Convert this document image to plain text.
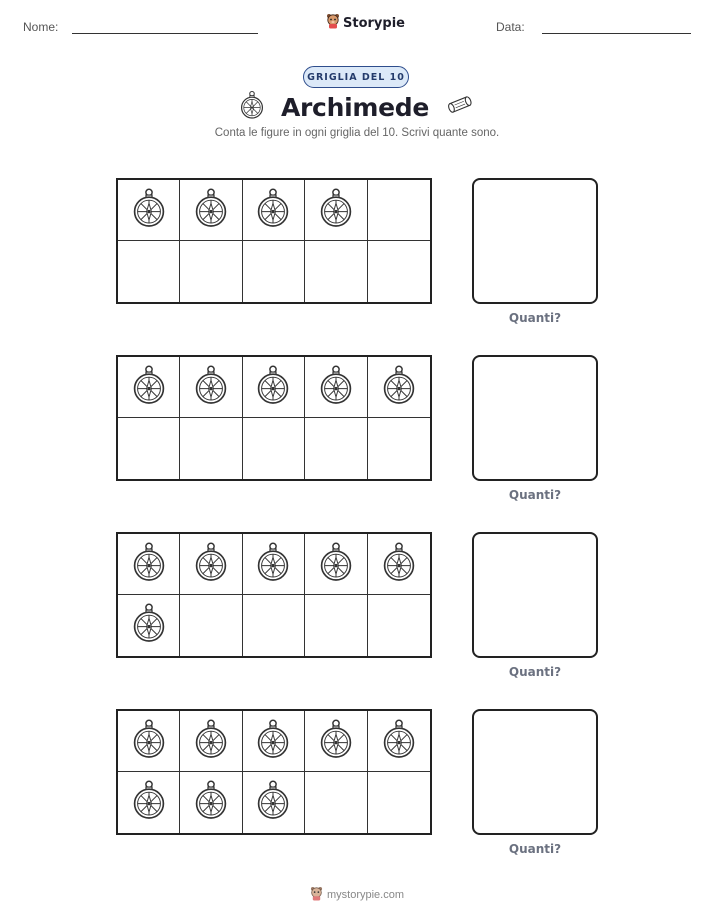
Nome:	Storypie	Data:
GRIGLIA DEL 10
Archimede
Conta le figure in ogni griglia del 10. Scrivi quante sono.
Quanti?
Quanti?
Quanti?
Quanti?
mystorypie.com
